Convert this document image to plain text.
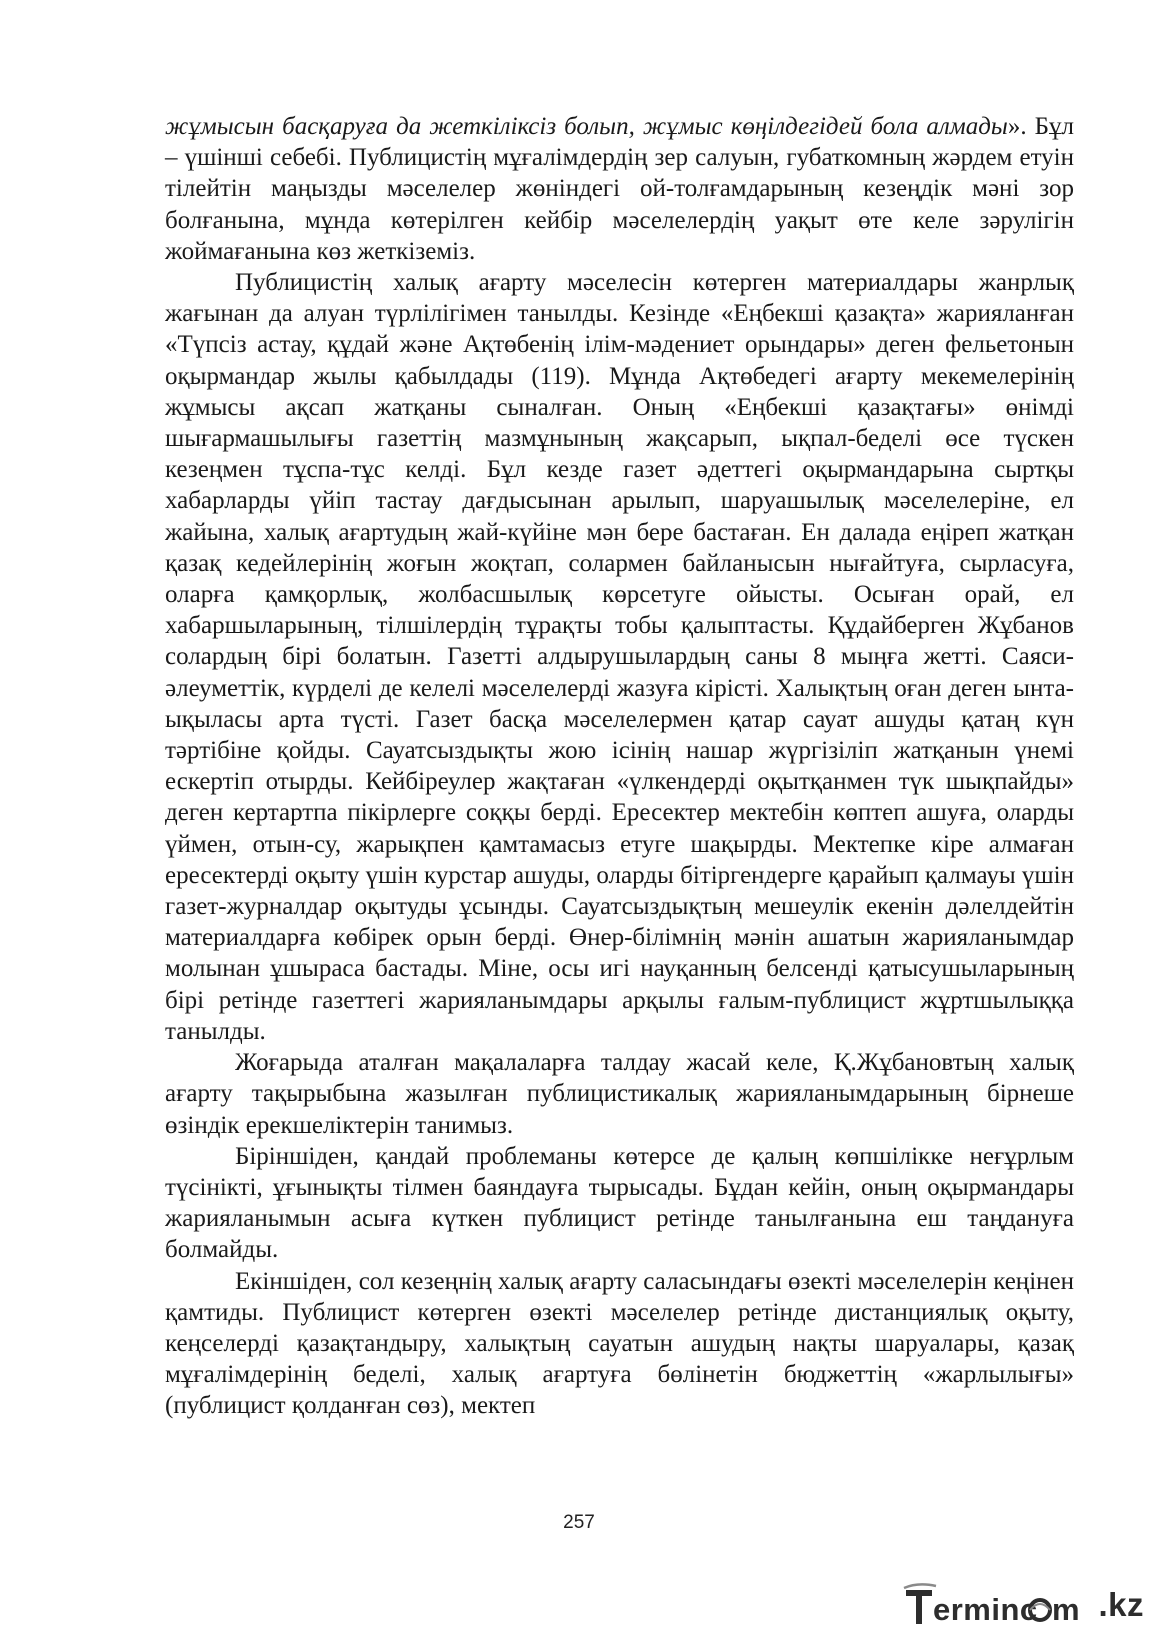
жұмысын басқаруға да жеткіліксіз болып, жұмыс көңілдегідей бола алмады». Бұл – үшінші себебі. Публицистің мұғалімдердің зер салуын, губаткомның жәрдем етуін тілейтін маңызды мәселелер жөніндегі ой-толғамдарының кезеңдік мәні зор болғанына, мұнда көтерілген кейбір мәселелердің уақыт өте келе зәрулігін жоймағанына көз жеткіземіз.

Публицистің халық ағарту мәселесін көтерген материалдары жанрлық жағынан да алуан түрлілігімен танылды. Кезінде «Еңбекші қазақта» жарияланған «Түпсіз астау, құдай және Ақтөбенің ілім-мәдениет орындары» деген фельетонын оқырмандар жылы қабылдады (119). Мұнда Ақтөбедегі ағарту мекемелерінің жұмысы ақсап жатқаны сыналған. Оның «Еңбекші қазақтағы» өнімді шығармашылығы газеттің мазмұнының жақсарып, ықпал-беделі өсе түскен кезеңмен тұспа-тұс келді. Бұл кезде газет әдеттегі оқырмандарына сыртқы хабарларды үйіп тастау дағдысынан арылып, шаруашылық мәселелеріне, ел жайына, халық ағартудың жай-күйіне мән бере бастаған. Ен далада еңіреп жатқан қазақ кедейлерінің жоғын жоқтап, солармен байланысын нығайтуға, сырласуға, оларға қамқорлық, жолбасшылық көрсетуге ойысты. Осыған орай, ел хабаршыларының, тілшілердің тұрақты тобы қалыптасты. Құдайберген Жұбанов солардың бірі болатын. Газетті алдырушылардың саны 8 мыңға жетті. Саяси-әлеуметтік, күрделі де келелі мәселелерді жазуға кірісті. Халықтың оған деген ынта-ықыласы арта түсті. Газет басқа мәселелермен қатар сауат ашуды қатаң күн тәртібіне қойды. Сауатсыздықты жою ісінің нашар жүргізіліп жатқанын үнемі ескертіп отырды. Кейбіреулер жақтаған «үлкендерді оқытқанмен түк шықпайды» деген кертартпа пікірлерге соққы берді. Ересектер мектебін көптеп ашуға, оларды үймен, отын-су, жарықпен қамтамасыз етуге шақырды. Мектепке кіре алмаған ересектерді оқыту үшін курстар ашуды, оларды бітіргендерге қарайып қалмауы үшін газет-журналдар оқытуды ұсынды. Сауатсыздықтың мешеулік екенін дәлелдейтін материалдарға көбірек орын берді. Өнер-білімнің мәнін ашатын жарияланымдар молынан ұшыраса бастады. Міне, осы игі науқанның белсенді қатысушыларының бірі ретінде газеттегі жарияланымдары арқылы ғалым-публицист жұртшылыққа танылды.

Жоғарыда аталған мақалаларға талдау жасай келе, Қ.Жұбановтың халық ағарту тақырыбына жазылған публицистикалық жарияланымдарының бірнеше өзіндік ерекшеліктерін танимыз.

Біріншіден, қандай проблеманы көтерсе де қалың көпшілікке неғұрлым түсінікті, ұғынықты тілмен баяндауға тырысады. Бұдан кейін, оның оқырмандары жарияланымын асыға күткен публицист ретінде танылғанына еш таңдануға болмайды.

Екіншіден, сол кезеңнің халық ағарту саласындағы өзекті мәселелерін кеңінен қамтиды. Публицист көтерген өзекті мәселелер ретінде дистанциялық оқыту, кеңселерді қазақтандыру, халықтың сауатын ашудың нақты шаруалары, қазақ мұғалімдерінің беделі, халық ағартуға бөлінетін бюджеттің «жарлылығы» (публицист қолданған сөз), мектеп

257
erminc m .kz
